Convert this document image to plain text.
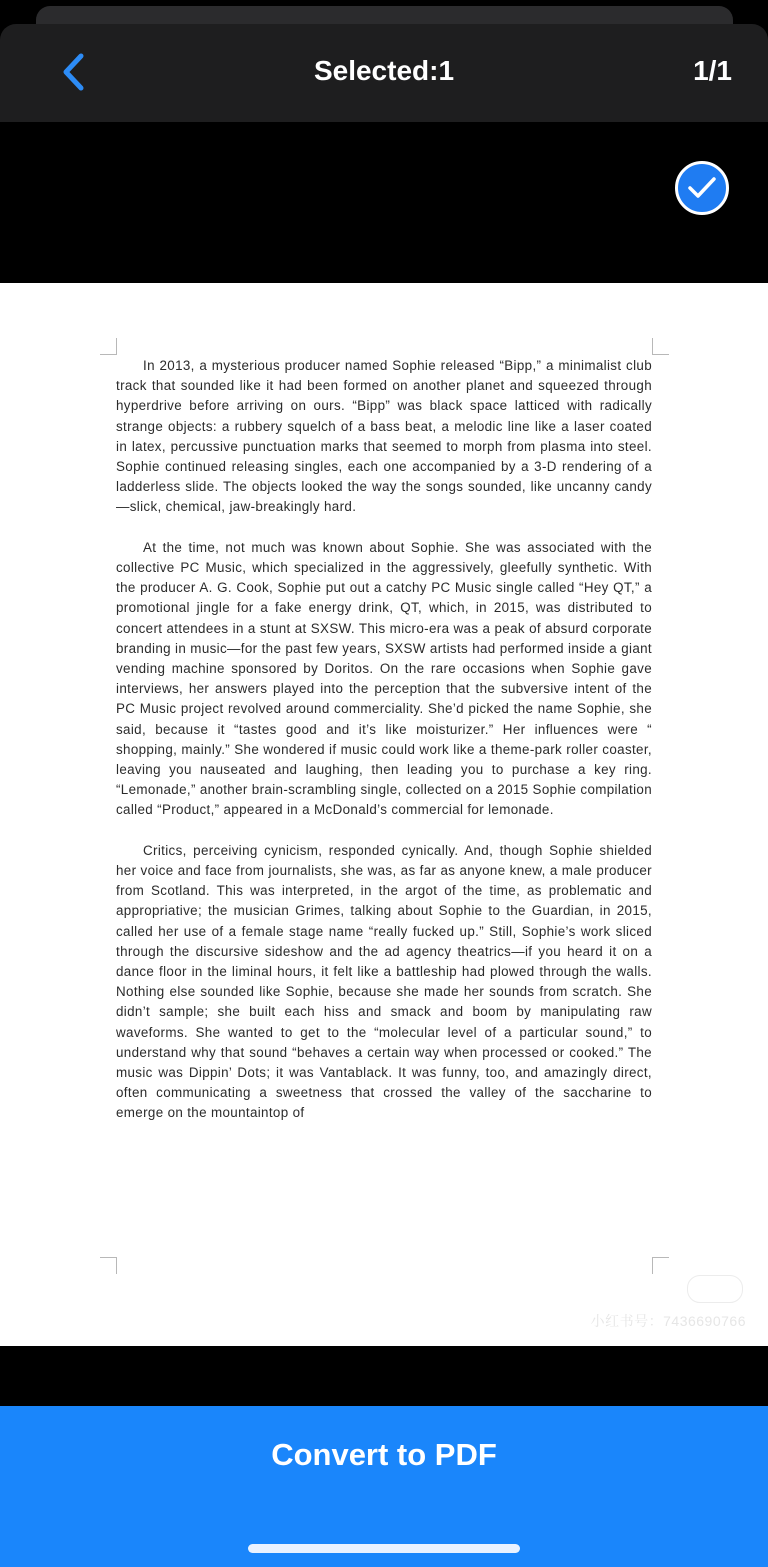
Selected:1	1/1

In 2013, a mysterious producer named Sophie released “Bipp,” a minimalist club track that sounded like it had been formed on another planet and squeezed through hyperdrive before arriving on ours. “Bipp” was black space latticed with radically strange objects: a rubbery squelch of a bass beat, a melodic line like a laser coated in latex, percussive punctuation marks that seemed to morph from plasma into steel. Sophie continued releasing singles, each one accompanied by a 3-D rendering of a ladderless slide. The objects looked the way the songs sounded, like uncanny candy—slick, chemical, jaw-breakingly hard.

At the time, not much was known about Sophie. She was associated with the collective PC Music, which specialized in the aggressively, gleefully synthetic. With the producer A. G. Cook, Sophie put out a catchy PC Music single called “Hey QT,” a promotional jingle for a fake energy drink, QT, which, in 2015, was distributed to concert attendees in a stunt at SXSW. This micro-era was a peak of absurd corporate branding in music—for the past few years, SXSW artists had performed inside a giant vending machine sponsored by Doritos. On the rare occasions when Sophie gave interviews, her answers played into the perception that the subversive intent of the PC Music project revolved around commerciality. She’d picked the name Sophie, she said, because it “tastes good and it’s like moisturizer.” Her influences were “ shopping, mainly.” She wondered if music could work like a theme-park roller coaster, leaving you nauseated and laughing, then leading you to purchase a key ring. “Lemonade,” another brain-scrambling single, collected on a 2015 Sophie compilation called “Product,” appeared in a McDonald’s commercial for lemonade.

Critics, perceiving cynicism, responded cynically. And, though Sophie shielded her voice and face from journalists, she was, as far as anyone knew, a male producer from Scotland. This was interpreted, in the argot of the time, as problematic and appropriative; the musician Grimes, talking about Sophie to the Guardian, in 2015, called her use of a female stage name “really fucked up.” Still, Sophie’s work sliced through the discursive sideshow and the ad agency theatrics—if you heard it on a dance floor in the liminal hours, it felt like a battleship had plowed through the walls. Nothing else sounded like Sophie, because she made her sounds from scratch. She didn’t sample; she built each hiss and smack and boom by manipulating raw waveforms. She wanted to get to the “molecular level of a particular sound,” to understand why that sound “behaves a certain way when processed or cooked.” The music was Dippin’ Dots; it was Vantablack. It was funny, too, and amazingly direct, often communicating a sweetness that crossed the valley of the saccharine to emerge on the mountaintop of

小红书号：7436690766
Convert to PDF
